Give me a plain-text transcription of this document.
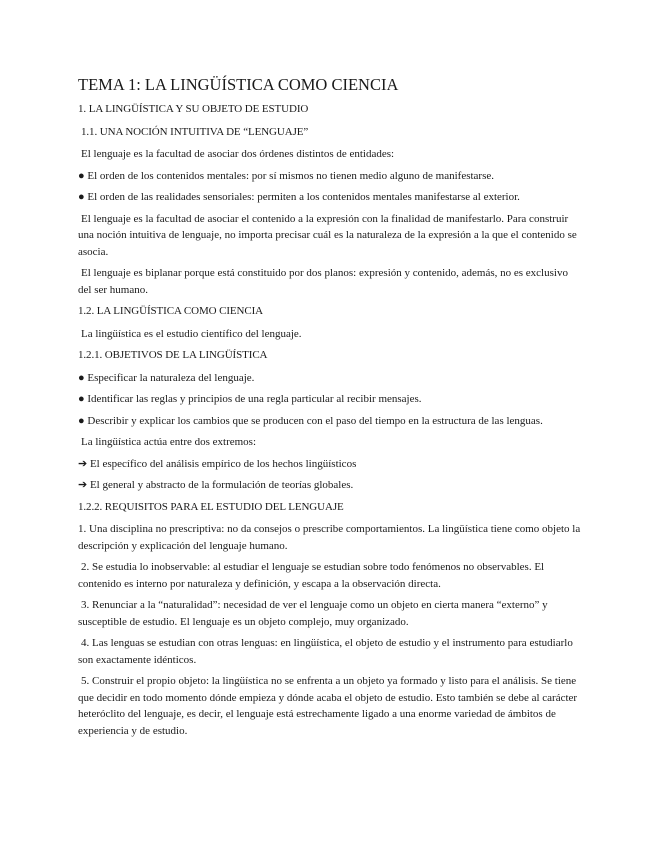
TEMA 1: LA LINGÜÍSTICA COMO CIENCIA

1. LA LINGÜÍSTICA Y SU OBJETO DE ESTUDIO

1.1. UNA NOCIÓN INTUITIVA DE “LENGUAJE”

El lenguaje es la facultad de asociar dos órdenes distintos de entidades:

● El orden de los contenidos mentales: por sí mismos no tienen medio alguno de manifestarse.

● El orden de las realidades sensoriales: permiten a los contenidos mentales manifestarse al exterior.

El lenguaje es la facultad de asociar el contenido a la expresión con la finalidad de manifestarlo. Para construir una noción intuitiva de lenguaje, no importa precisar cuál es la naturaleza de la expresión a la que el contenido se asocia.

El lenguaje es biplanar porque está constituido por dos planos: expresión y contenido, además, no es exclusivo del ser humano.

1.2. LA LINGÜÍSTICA COMO CIENCIA

La lingüística es el estudio científico del lenguaje.

1.2.1. OBJETIVOS DE LA LINGÜÍSTICA

● Especificar la naturaleza del lenguaje.

● Identificar las reglas y principios de una regla particular al recibir mensajes.

● Describir y explicar los cambios que se producen con el paso del tiempo en la estructura de las lenguas.

La lingüística actúa entre dos extremos:

➔ El específico del análisis empírico de los hechos lingüísticos

➔ El general y abstracto de la formulación de teorías globales.

1.2.2. REQUISITOS PARA EL ESTUDIO DEL LENGUAJE

1. Una disciplina no prescriptiva: no da consejos o prescribe comportamientos. La lingüística tiene como objeto la descripción y explicación del lenguaje humano.

2. Se estudia lo inobservable: al estudiar el lenguaje se estudian sobre todo fenómenos no observables. El contenido es interno por naturaleza y definición, y escapa a la observación directa.

3. Renunciar a la “naturalidad”: necesidad de ver el lenguaje como un objeto en cierta manera “externo” y susceptible de estudio. El lenguaje es un objeto complejo, muy organizado.

4. Las lenguas se estudian con otras lenguas: en lingüística, el objeto de estudio y el instrumento para estudiarlo son exactamente idénticos.

5. Construir el propio objeto: la lingüística no se enfrenta a un objeto ya formado y listo para el análisis. Se tiene que decidir en todo momento dónde empieza y dónde acaba el objeto de estudio. Esto también se debe al carácter heteróclito del lenguaje, es decir, el lenguaje está estrechamente ligado a una enorme variedad de ámbitos de experiencia y de estudio.
